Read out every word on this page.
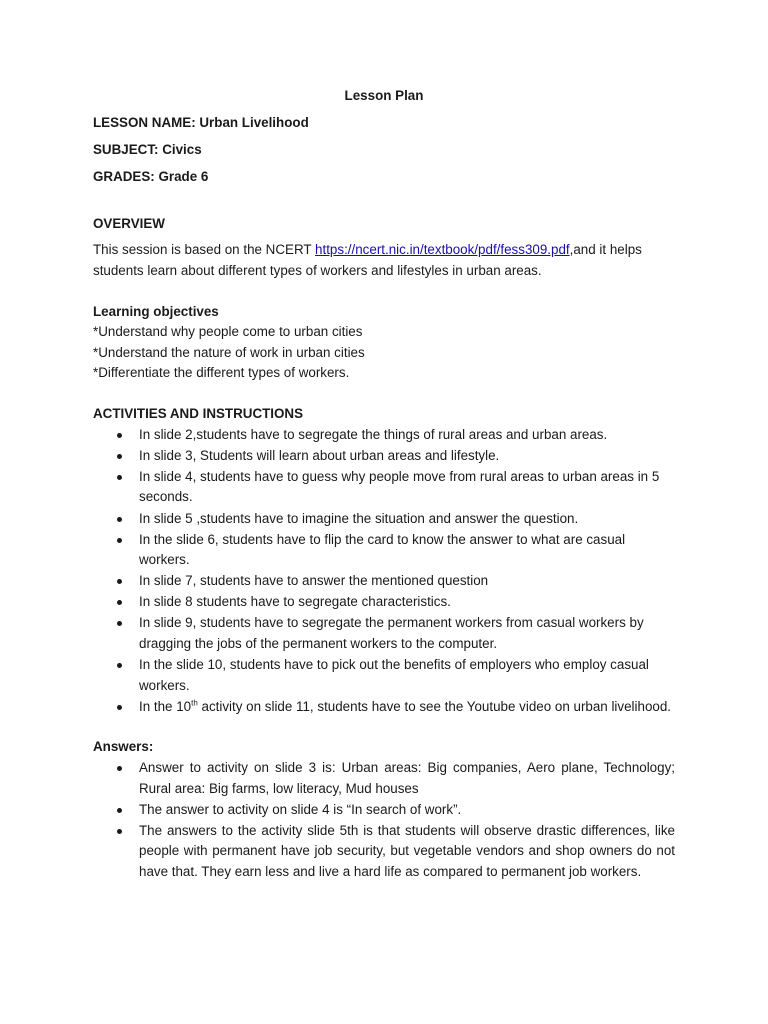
Lesson Plan
LESSON NAME: Urban Livelihood
SUBJECT: Civics
GRADES: Grade 6
OVERVIEW

This session is based on the NCERT https://ncert.nic.in/textbook/pdf/fess309.pdf,and it helps students learn about different types of workers and lifestyles in urban areas.

Learning objectives
*Understand why people come to urban cities
*Understand the nature of work in urban cities
*Differentiate the different types of workers.
ACTIVITIES AND INSTRUCTIONS
In slide 2,students have to segregate the things of rural areas and urban areas.
In slide 3, Students will learn about urban areas and lifestyle.
In slide 4, students have to guess why people move from rural areas to urban areas in 5 seconds.
In slide 5 ,students have to imagine the situation and answer the question.
In the slide 6, students have to flip the card to know the answer to what are casual workers.
In slide 7, students have to answer the mentioned question
In slide 8 students have to segregate characteristics.
In slide 9, students have to segregate the permanent workers from casual workers by dragging the jobs of the permanent workers to the computer.
In the slide 10, students have to pick out the benefits of employers who employ casual workers.
In the 10th activity on slide 11, students have to see the Youtube video on urban livelihood.
Answers:
Answer to activity on slide 3 is: Urban areas: Big companies, Aero plane, Technology; Rural area: Big farms, low literacy, Mud houses
The answer to activity on slide 4 is “In search of work”.
The answers to the activity slide 5th is that students will observe drastic differences, like people with permanent have job security, but vegetable vendors and shop owners do not have that. They earn less and live a hard life as compared to permanent job workers.
